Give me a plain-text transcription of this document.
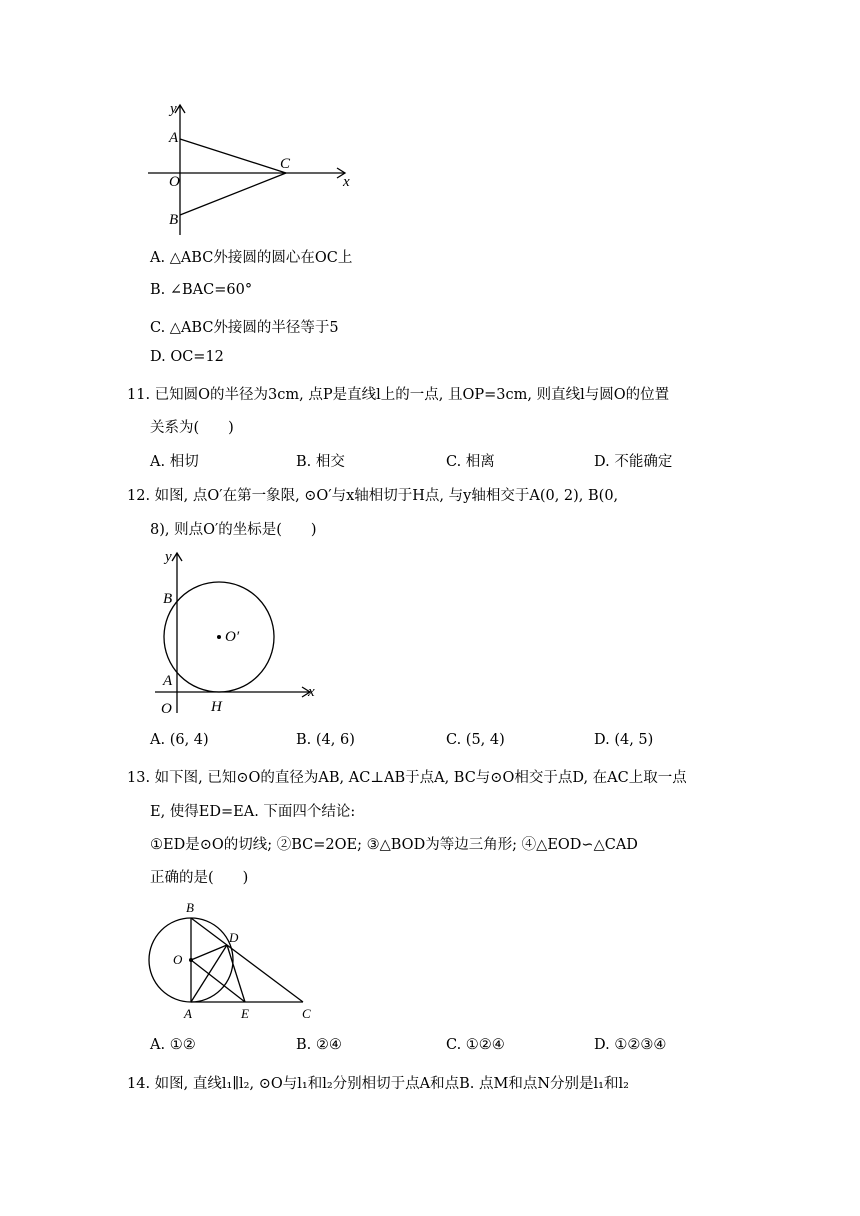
y
x
A
C
O
B
A. △ABC外接圆的圆心在OC上
B. ∠BAC=60°
C. △ABC外接圆的半径等于5
D. OC=12
11. 已知圆O的半径为3cm, 点P是直线l上的一点, 且OP=3cm, 则直线l与圆O的位置
关系为(　　)
A. 相切	B. 相交	C. 相离	D. 不能确定
12. 如图, 点O′在第一象限, ⊙O′与x轴相切于H点, 与y轴相交于A(0, 2), B(0,
8), 则点O′的坐标是(　　)
y
x
B
O′
A
O	H
A. (6, 4)	B. (4, 6)	C. (5, 4)	D. (4, 5)
13. 如下图, 已知⊙O的直径为AB, AC⊥AB于点A, BC与⊙O相交于点D, 在AC上取一点
E, 使得ED=EA. 下面四个结论:
①ED是⊙O的切线; ②BC=2OE; ③△BOD为等边三角形; ④△EOD∽△CAD
正确的是(　　)
B
D
O
A	E	C
A. ①②	B. ②④	C. ①②④	D. ①②③④
14. 如图, 直线l₁∥l₂, ⊙O与l₁和l₂分别相切于点A和点B. 点M和点N分别是l₁和l₂
